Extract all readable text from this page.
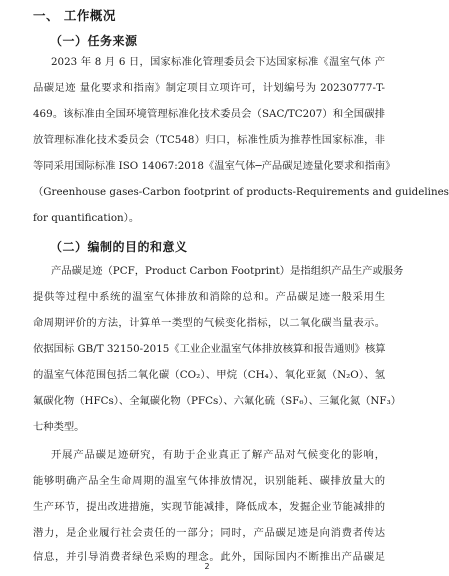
一、 工作概况
（一）任务来源
2023 年 8 月 6 日，国家标准化管理委员会下达国家标准《温室气体 产
品碳足迹 量化要求和指南》制定项目立项许可，计划编号为 20230777-T-
469。该标准由全国环境管理标准化技术委员会（SAC/TC207）和全国碳排
放管理标准化技术委员会（TC548）归口，标准性质为推荐性国家标准，非
等同采用国际标准 ISO 14067:2018《温室气体─产品碳足迹量化要求和指南》
（Greenhouse gases-Carbon footprint of products-Requirements and guidelines
for quantification）。
（二）编制的目的和意义
产品碳足迹（PCF，Product Carbon Footprint）是指组织产品生产或服务
提供等过程中系统的温室气体排放和消除的总和。产品碳足迹一般采用生
命周期评价的方法，计算单一类型的气候变化指标，以二氧化碳当量表示。
依据国标 GB/T 32150-2015《工业企业温室气体排放核算和报告通则》核算
的温室气体范围包括二氧化碳（CO₂）、甲烷（CH₄）、氧化亚氮（N₂O）、氢
氟碳化物（HFCs）、全氟碳化物（PFCs）、六氟化硫（SF₆）、三氟化氮（NF₃）
七种类型。
开展产品碳足迹研究，有助于企业真正了解产品对气候变化的影响，
能够明确产品全生命周期的温室气体排放情况，识别能耗、碳排放量大的
生产环节，提出改进措施，实现节能减排，降低成本，发掘企业节能减排的
潜力，是企业履行社会责任的一部分；同时，产品碳足迹是向消费者传达
信息，并引导消费者绿色采购的理念。此外，国际国内不断推出产品碳足
2
